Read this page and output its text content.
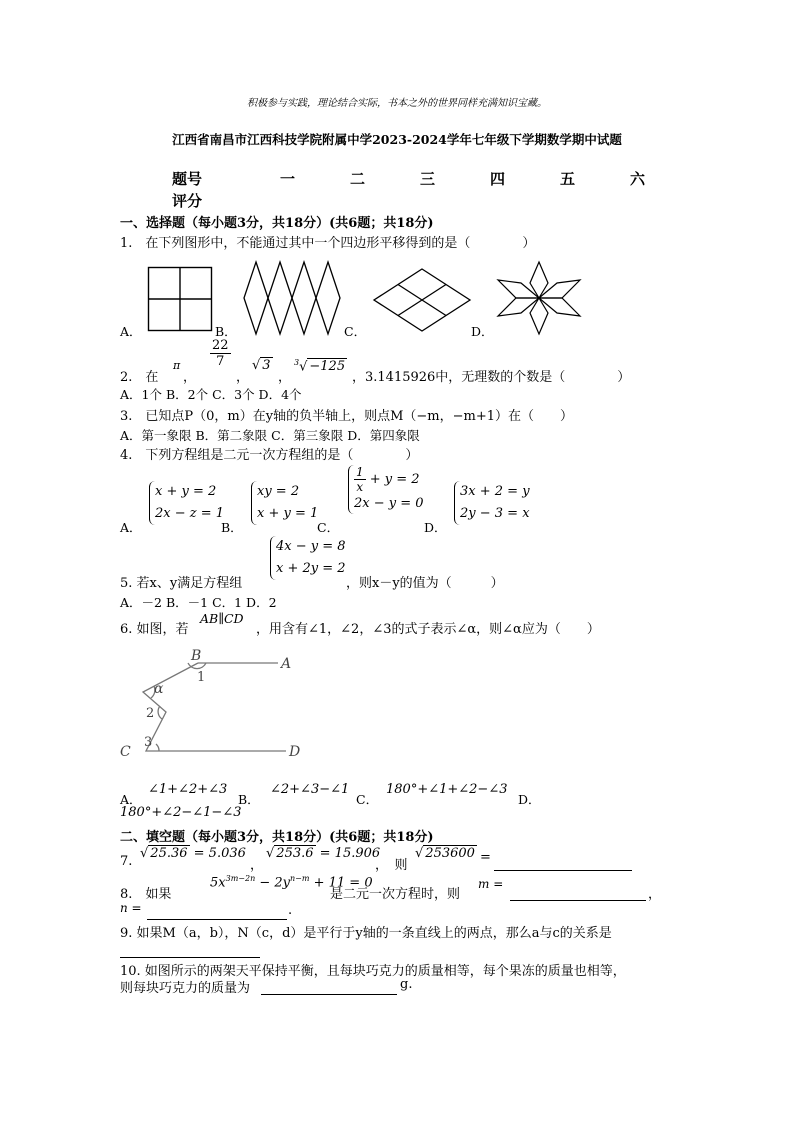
积极参与实践，理论结合实际，书本之外的世界同样充满知识宝藏。
江西省南昌市江西科技学院附属中学2023-2024学年七年级下学期数学期中试题
题号	一	二	三	四	五	六
评分
一、选择题（每小题3分，共18分）(共6题；共18分)
1.　在下列图形中，不能通过其中一个四边形平移得到的是（　　　　）
A．	B．	C．	D．
2.　在
π
，
$\frac{22}{7}$
，
√ 3
，
$^3$√ −125
，3.1415926中，无理数的个数是（　　　　）
A．1个 B．2个 C．3个 D．4个
3.　已知点P（0，m）在y轴的负半轴上，则点M（−m，−m+1）在（　　）
A．第一象限 B．第二象限 C．第三象限 D．第四象限
4.　下列方程组是二元一次方程组的是（　　　　）
A．
x + y = 2
2x − z = 1
B．
xy = 2
x + y = 1
C．
$\frac{1}{x} + y = 2$
2x − y = 0
D．
3x + 2 = y
2y − 3 = x
5. 若x、y满足方程组
4x − y = 8
x + 2y = 2
，则x－y的值为（　　　）
A．－2 B．－1 C．1 D．2
6. 如图，若
AB∥CD
，用含有∠1，∠2，∠3的式子表示∠α，则∠α应为（　　）
B	A
1
α
2
C
3
D
A．
∠1+∠2+∠3
B．
∠2+∠3−∠1
C．
180°+∠1+∠2−∠3
D．
180°+∠2−∠1−∠3
二、填空题（每小题3分，共18分）(共6题；共18分)
7.
√ 25.36 = 5.036
，
√ 253.6 = 15.906
，　则
√ 253600 =
8.　如果
$5x^{3m-2n} - 2y^{n-m} + 11 = 0$
是二元一次方程时，则
m =
，
n =	.
9. 如果M（a，b），N（c，d）是平行于y轴的一条直线上的两点，那么a与c的关系是
10. 如图所示的两架天平保持平衡，且每块巧克力的质量相等，每个果冻的质量也相等，
则每块巧克力的质量为	g.
